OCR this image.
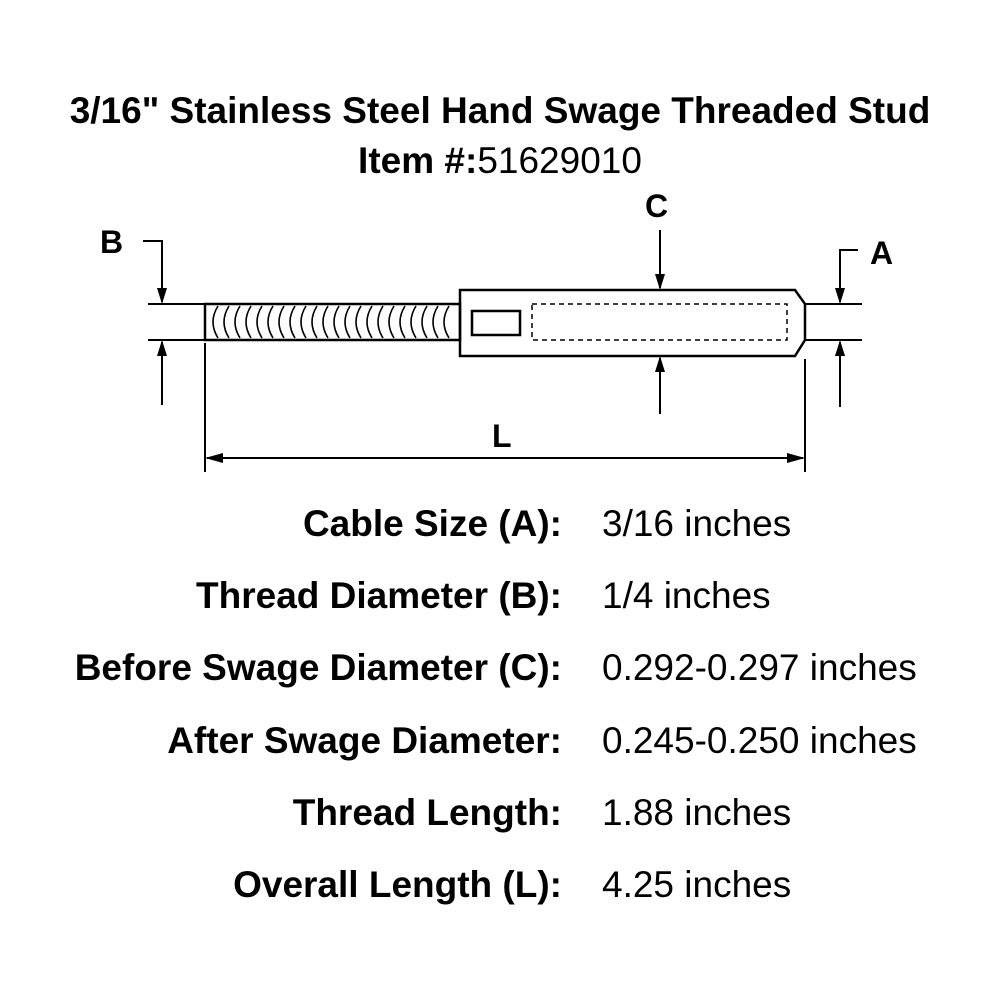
3/16" Stainless Steel Hand Swage Threaded Stud
Item #:51629010
B
C
A
L
Cable Size (A): 3/16 inches
Thread Diameter (B): 1/4 inches
Before Swage Diameter (C): 0.292-0.297 inches
After Swage Diameter: 0.245-0.250 inches
Thread Length: 1.88 inches
Overall Length (L): 4.25 inches
